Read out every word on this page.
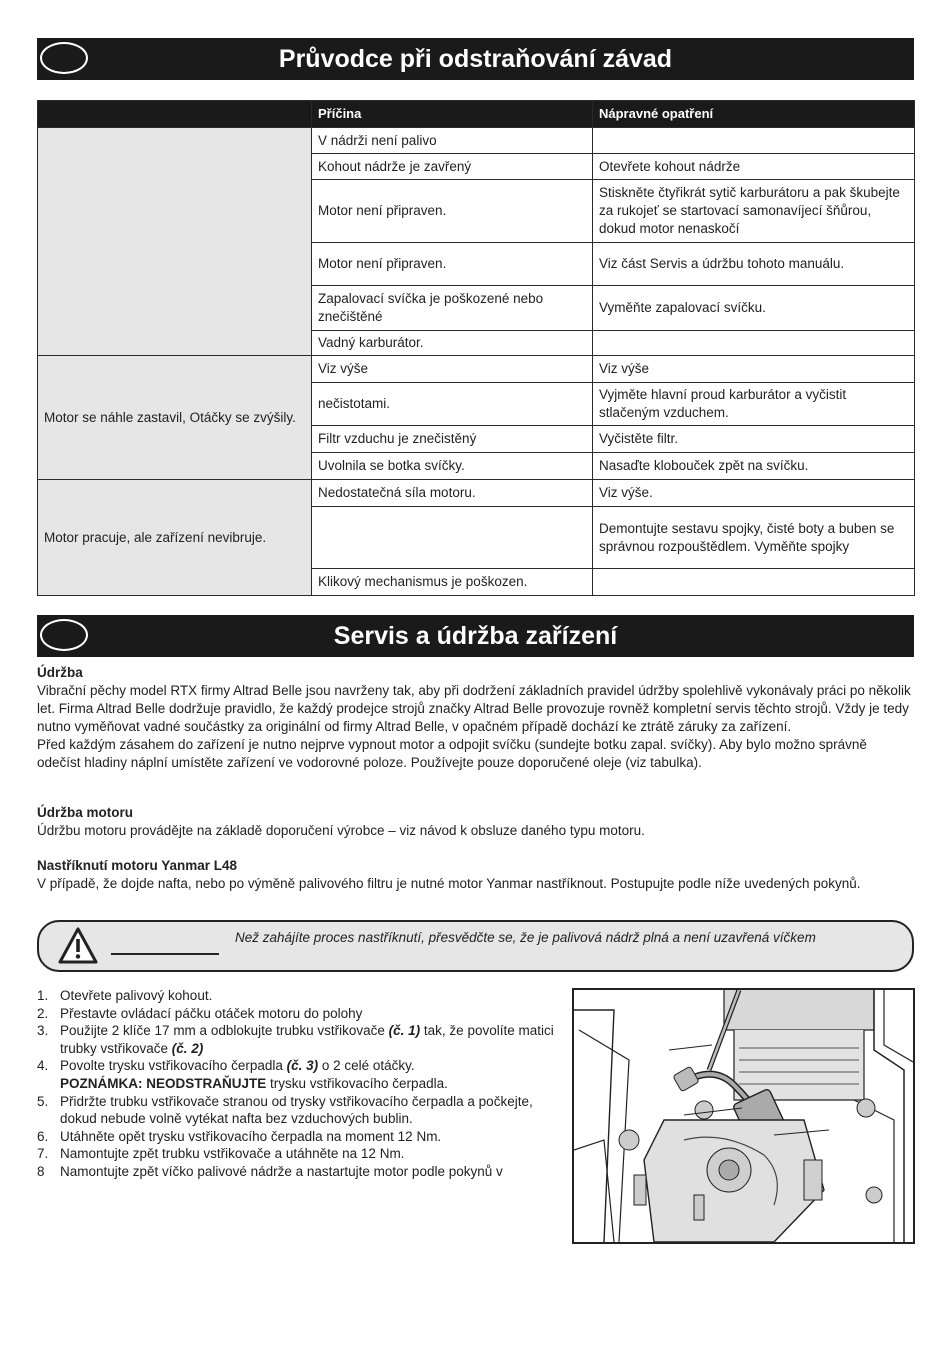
Průvodce při odstraňování závad
	Příčina	Nápravné opatření
	V nádrži není palivo	
	Kohout nádrže je zavřený	Otevřete kohout nádrže
	Motor není připraven.	Stiskněte čtyřikrát sytič karburátoru a pak škubejte za rukojeť se startovací samonavíjecí šňůrou, dokud motor nenaskočí
	Motor není připraven.	Viz část Servis a údržbu tohoto manuálu.
	Zapalovací svíčka je poškozené nebo znečištěné	Vyměňte zapalovací svíčku.
	Vadný karburátor.	
Motor se náhle zastavil, Otáčky se zvýšily.	Viz výše	Viz výše
	nečistotami.	Vyjměte hlavní proud karburátor a vyčistit stlačeným vzduchem.
	Filtr vzduchu je znečistěný	Vyčistěte filtr.
	Uvolnila se botka svíčky.	Nasaďte klobouček zpět na svíčku.
Motor pracuje, ale zařízení nevibruje.	Nedostatečná síla motoru.	Viz výše.
		Demontujte sestavu spojky, čisté boty a buben se správnou rozpouštědlem. Vyměňte spojky
	Klikový mechanismus je poškozen.	
Servis a údržba zařízení
Údržba

Vibrační pěchy model RTX firmy Altrad Belle jsou navrženy tak, aby při dodržení základních pravidel údržby spolehlivě vykonávaly práci po několik let. Firma Altrad Belle dodržuje pravidlo, že každý prodejce strojů značky Altrad Belle provozuje rovněž kompletní servis těchto strojů. Vždy je tedy nutno vyměňovat vadné součástky za originální od firmy Altrad Belle, v opačném případě dochází ke ztrátě záruky za zařízení.

Před každým zásahem do zařízení je nutno nejprve vypnout motor a odpojit svíčku (sundejte botku zapal. svíčky). Aby bylo možno správně odečíst hladiny náplní umístěte zařízení ve vodorovné poloze. Používejte pouze doporučené oleje (viz tabulka).

Údržba motoru

Údržbu motoru provádějte na základě doporučení výrobce – viz návod k obsluze daného typu motoru.

Nastříknutí motoru Yanmar L48

V případě, že dojde nafta, nebo po výměně palivového filtru je nutné motor Yanmar nastříknout. Postupujte podle níže uvedených pokynů.

Než zahájíte proces nastříknutí, přesvědčte se, že je palivová nádrž plná a není uzavřená víčkem
1. Otevřete palivový kohout.
2. Přestavte ovládací páčku otáček motoru do polohy
3. Použijte 2 klíče 17 mm a odblokujte trubku vstřikovače (č. 1) tak, že povolíte matici trubky vstřikovače (č. 2)
4. Povolte trysku vstřikovacího čerpadla (č. 3) o 2 celé otáčky.
POZNÁMKA: NEODSTRAŇUJTE trysku vstřikovacího čerpadla.
5. Přidržte trubku vstřikovače stranou od trysky vstřikovacího čerpadla a počkejte, dokud nebude volně vytékat nafta bez vzduchových bublin.
6. Utáhněte opět trysku vstřikovacího čerpadla na moment 12 Nm.
7. Namontujte zpět trubku vstřikovače a utáhněte na 12 Nm.
8 Namontujte zpět víčko palivové nádrže a nastartujte motor podle pokynů v
